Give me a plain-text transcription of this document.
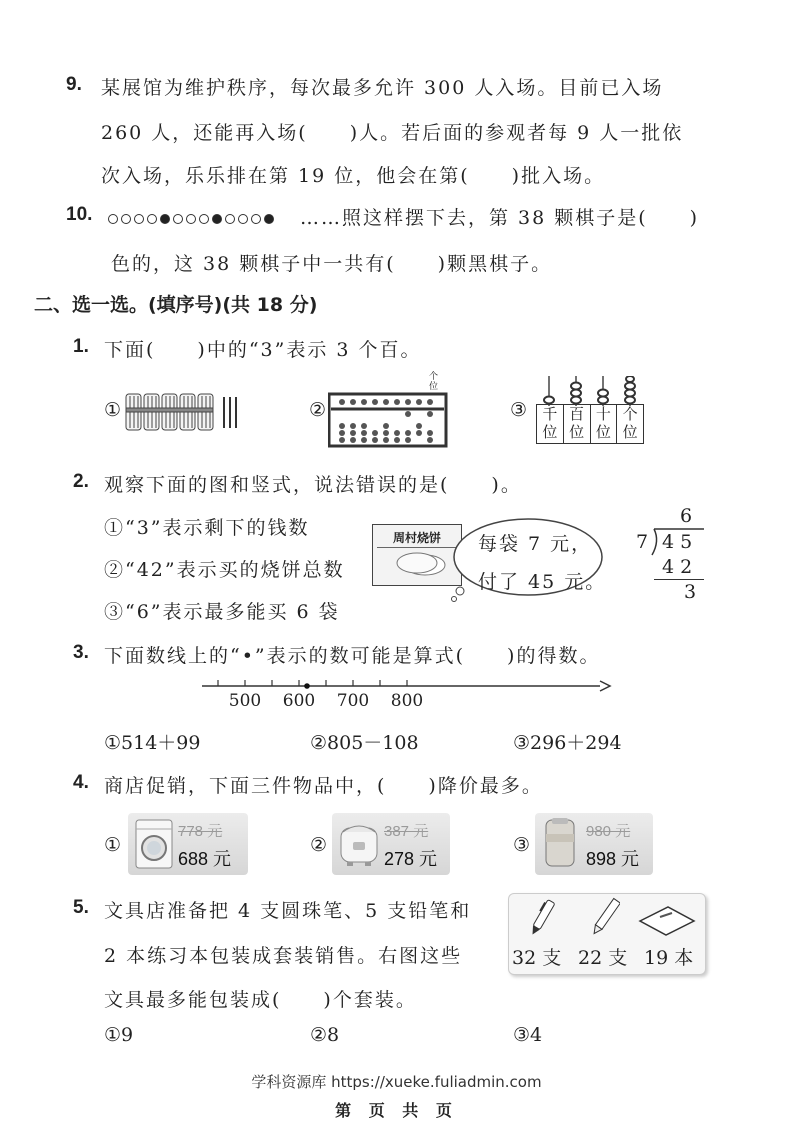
9. 某展馆为维护秩序，每次最多允许 300 人入场。目前已入场
260 人，还能再入场(　　)人。若后面的参观者每 9 人一批依
次入场，乐乐排在第 19 位，他会在第(　　)批入场。
10.	……照这样摆下去，第 38 颗棋子是(　　)
色的，这 38 颗棋子中一共有(　　)颗黑棋子。
二、选一选。(填序号)(共 18 分)
1. 下面(　　)中的“3”表示 3 个百。
①	②
个
位
③	千
位
百
位
十
位
个
位
2. 观察下面的图和竖式，说法错误的是(　　)。
①“3”表示剩下的钱数
②“42”表示买的烧饼总数
③“6”表示最多能买 6 袋
周村烧饼	每袋 7 元，
付了 45 元。
6
7 4 5
4 2
3
3. 下面数线上的“•”表示的数可能是算式(　　)的得数。
500 600 700 800
①514＋99	②805－108	③296＋294
4. 商店促销，下面三件物品中，(　　)降价最多。
①
778 元
688 元
②
387 元
278 元
③
980 元
898 元
5. 文具店准备把 4 支圆珠笔、5 支铅笔和
2 本练习本包装成套装销售。右图这些
文具最多能包装成(　　)个套装。
32 支 22 支 19 本
①9	②8	③4
学科资源库 https://xueke.fuliadmin.com
第 页 共 页
